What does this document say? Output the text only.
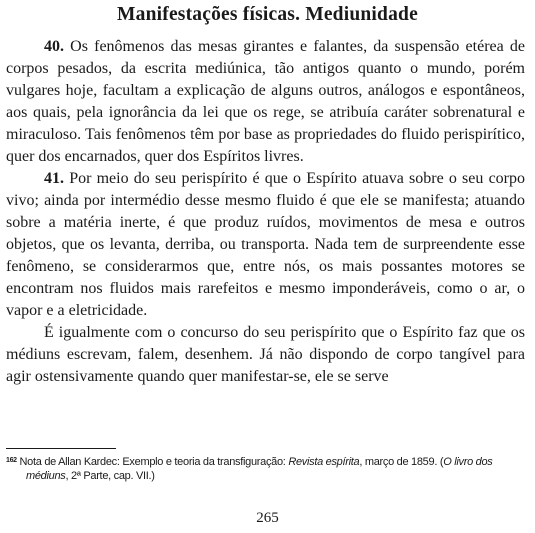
Manifestações físicas. Mediunidade

40. Os fenômenos das mesas girantes e falantes, da suspensão etérea de corpos pesados, da escrita mediúnica, tão antigos quanto o mundo, porém vulgares hoje, facultam a explicação de alguns outros, análogos e espontâneos, aos quais, pela ignorância da lei que os rege, se atribuía caráter sobrenatural e miraculoso. Tais fenômenos têm por base as propriedades do fluido perispirítico, quer dos encarnados, quer dos Espíritos livres.

41. Por meio do seu perispírito é que o Espírito atuava sobre o seu corpo vivo; ainda por intermédio desse mesmo fluido é que ele se manifesta; atuando sobre a matéria inerte, é que produz ruídos, movimentos de mesa e outros objetos, que os levanta, derriba, ou transporta. Nada tem de surpreendente esse fenômeno, se considerarmos que, entre nós, os mais possantes motores se encontram nos fluidos mais rarefeitos e mesmo imponderáveis, como o ar, o vapor e a eletricidade.

É igualmente com o concurso do seu perispírito que o Espírito faz que os médiuns escrevam, falem, desenhem. Já não dispondo de corpo tangível para agir ostensivamente quando quer manifestar-se, ele se serve

$^{162}$ Nota de Allan Kardec: Exemplo e teoria da transfiguração: Revista espírita, março de 1859. (O livro dos médiuns, 2ª Parte, cap. VII.)
265
